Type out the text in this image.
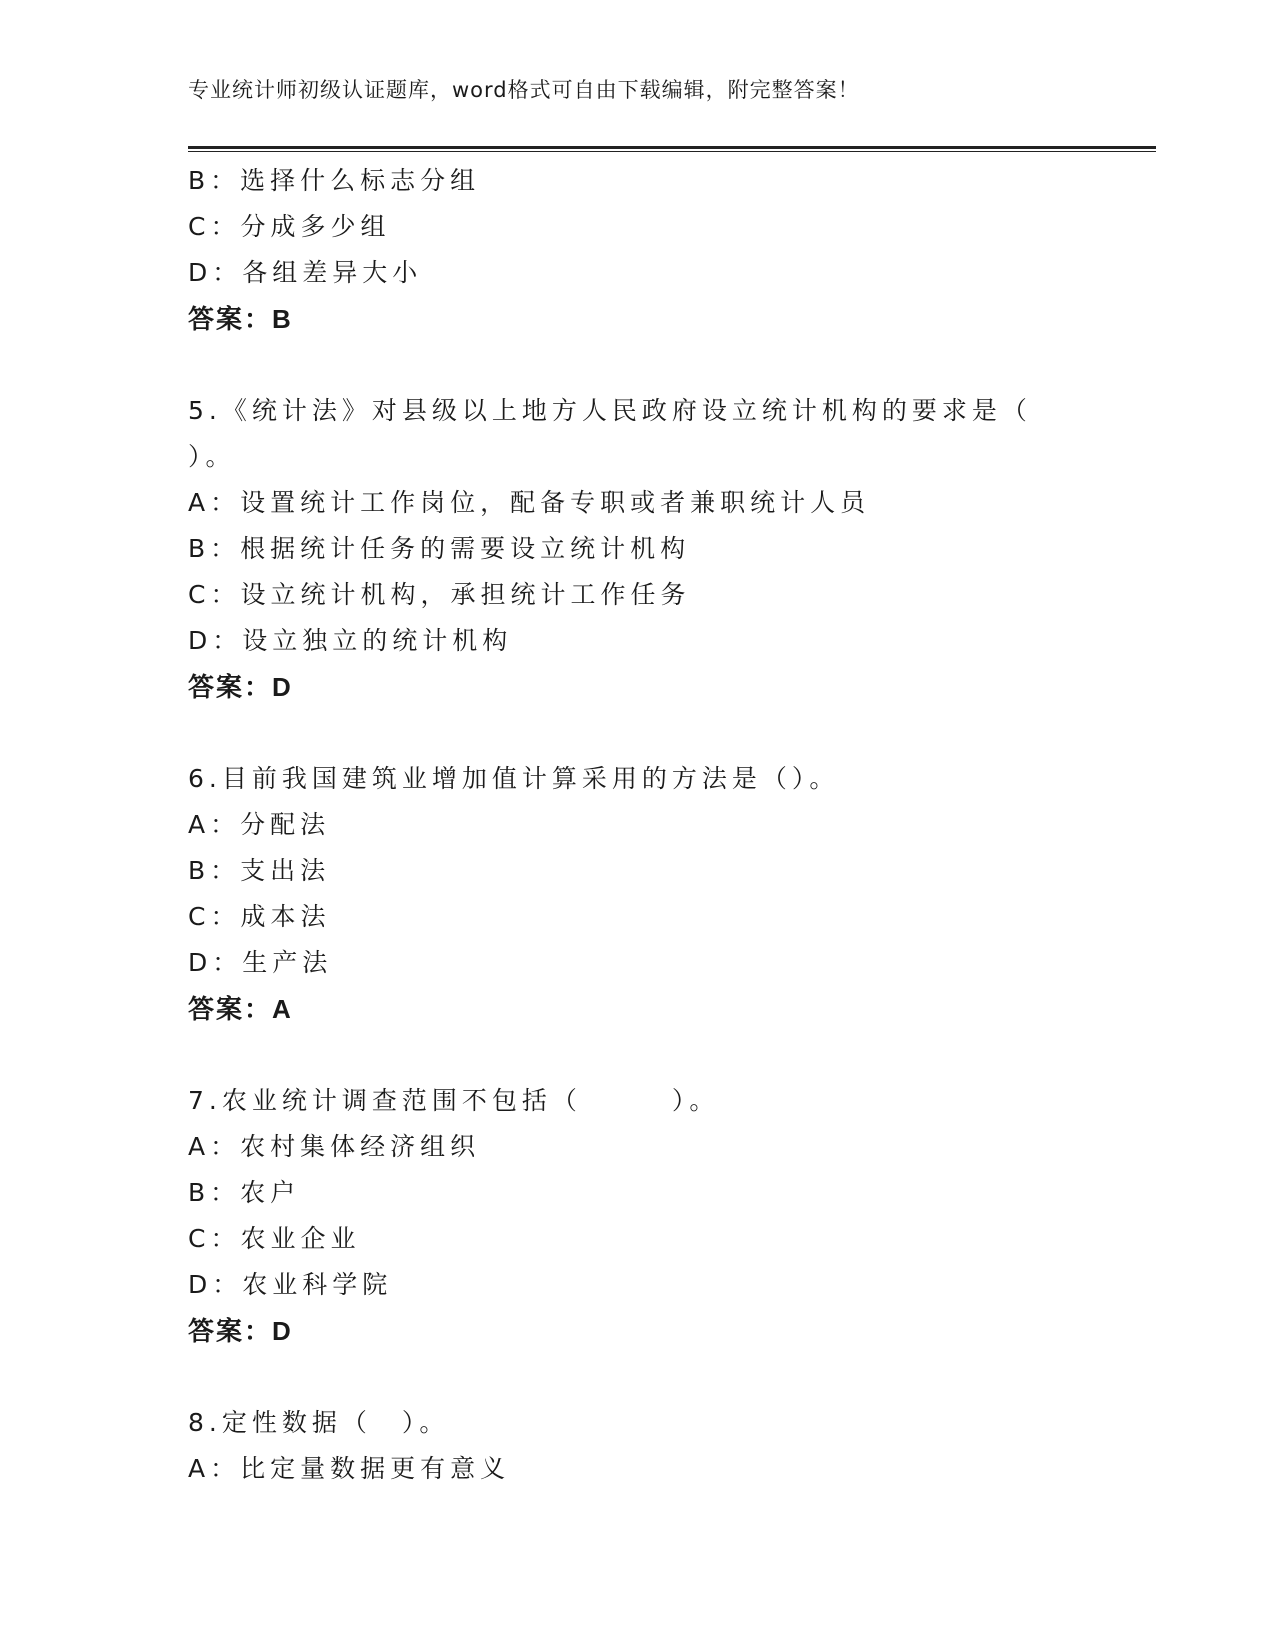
专业统计师初级认证题库，word格式可自由下载编辑，附完整答案！
B：选择什么标志分组
C：分成多少组
D：各组差异大小
答案：B
5.《统计法》对县级以上地方人民政府设立统计机构的要求是（
）。
A：设置统计工作岗位，配备专职或者兼职统计人员
B：根据统计任务的需要设立统计机构
C：设立统计机构，承担统计工作任务
D：设立独立的统计机构
答案：D
6.目前我国建筑业增加值计算采用的方法是（）。
A：分配法
B：支出法
C：成本法
D：生产法
答案：A
7.农业统计调查范围不包括（　　　）。
A：农村集体经济组织
B：农户
C：农业企业
D：农业科学院
答案：D
8.定性数据（　）。
A：比定量数据更有意义
